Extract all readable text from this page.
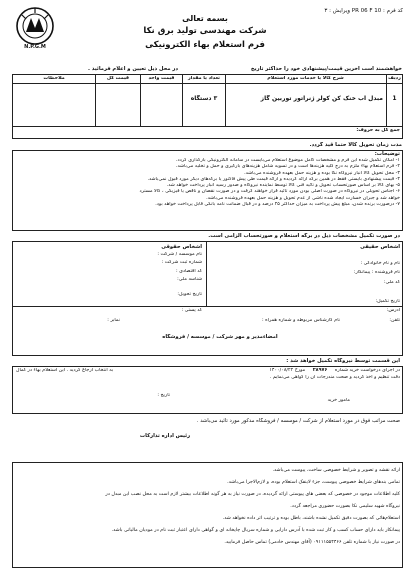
N.P.G.M
بسمه تعالی
شرکت مهندسی تولید برق نکا
فرم استعلام بهاء الکترونیکی
کد فرم : PR 06 F 10 ویرایش : ۳
خواهشمند است آخرین قیمت/پیشنهادی خود را حداکثر تاریخ
در محل ذیل تعیین و اعلام فرمائید .
ردیف
شرح کالا یا خدمات مورد استعلام
تعداد یا مقدار
قیمت واحد
قیمت کل
ملاحظات
1
مبدل آب خنک کن کولر ژنراتور توربین گاز
۳ دستگاه
جمع کل به حروف:
مدت زمان تحویل کالا حتماً قید گردد.
توضیحات:
۱- امکان تکمیل شده این فرم و مشخصات کامل موضوع استعلام می‌بایست در سامانه الکترونیکی بارگذاری گردد.
۲- فرم استعلام بهاء ملزم به درج کلیه هزینه‌ها است و در تسویه شامل هزینه‌های بارگیری و حمل و تخلیه می‌باشد.
۳- محل تحویل کالا انبار نیروگاه نکا بوده و هزینه حمل بعهده فروشنده می‌باشد.
۴- قیمت پیشنهادی بایستی فقط در همین برگه ارائه گردیده و ارائه قیمت طی پیش فاکتور یا برگه‌های دیگر مورد قبول نمی‌باشد.
۵- بهای کالا بر اساس صورتحساب تحویل و تائید فنی کالا توسط نماینده نیروگاه و صدور رسید انبار پرداخت خواهد شد.
۶- اجناس تحویلی در نیروگاه در صورت اصلی بودن مورد تائید قرار خواهند گرفت و در صورت نقصان و ناقص یا فیزیکی ، کالا مسترد
خواهد شد و جبران خسارت ایجاد شده ناشی از عدم تحویل و هزینه حمل بعهده فروشنده می‌باشد.
۷- درصورت برنده شدن، مبلغ پیش پرداخت به میزان حداکثر ۲۵ درصد و در قبال ضمانت نامه بانکی قابل پرداخت خواهد بود.
در صورت تکمیل مشخصات ذیل در برگه استعلام و صورتحساب الزامی است.
اشخاص حقیقی
اشخاص حقوقی
نام و نام خانوادگی :
نام فروشنده : پیمانکار:
کد ملی:
نام موسسه / شرکت :
شماره ثبت شرکت :
کد اقتصادی :
شناسه ملی:
تاریخ تحویل:
تاریخ تکمیل:
کد پستی :	آدرس:
تلفن:
نام کارشناس مربوطه و شماره همراه :
نمابر :
امضاءمدیر و مهر شرکت / موسسه / فروشگاه
این قسمت توسط نیروگاه تکمیل خواهد شد :
در اجرای درخواست خرید شماره ۲۸۹۷۶ مورخ ۱۴۰۰/۰۸/۲۲
دقت تنظیم و اخذ گردید و صحت مندرجات آن را گواهی می‌نمایم .
به انتخاب ارجاع گردید . این استعلام بهاء در کمال
تاریخ :
مامور خرید
صحت مراتب فوق در مورد استعلام از شرکت / موسسه / فروشگاه مذکور مورد تائید می‌باشد .
رئیس اداره تدارکات
ارائه نقشه و تصویر و شرایط خصوصی ساخت، پیوست می‌باشد.
تمامی بندهای شرایط خصوصی پیوست، جزء لاینفک استعلام بوده، و لازم‌الاجرا می‌باشد.
کلیه اطلاعات موجود در خصوصی که بعضی های پیوستی ارائه گردیده، در صورت نیاز به هر گونه اطلاعات بیشتر لازم است به محل نصب این مبدل در
نیروگاه شهید سلیمی نکا بصورت حضوری مراجعه گردد.
استعلام‌هائی که بصورت دقیق تکمیل نشده باشند، باطل بوده و ترتیب اثر داده نخواهد شد.
پیمانکار باید دارای حساب کسب و کار ثبت شده با آدرس دارایی و شماره سریال چاپخانه ای و گواهی دارای اعتبار ثبت نام در مودیان مالیاتی باشد.
در صورت نیاز با شماره تلفن ۰۹۱۱۱۵۵۴۴۶۶ (آقای مهندس خادمی) تماس حاصل فرمایید.
